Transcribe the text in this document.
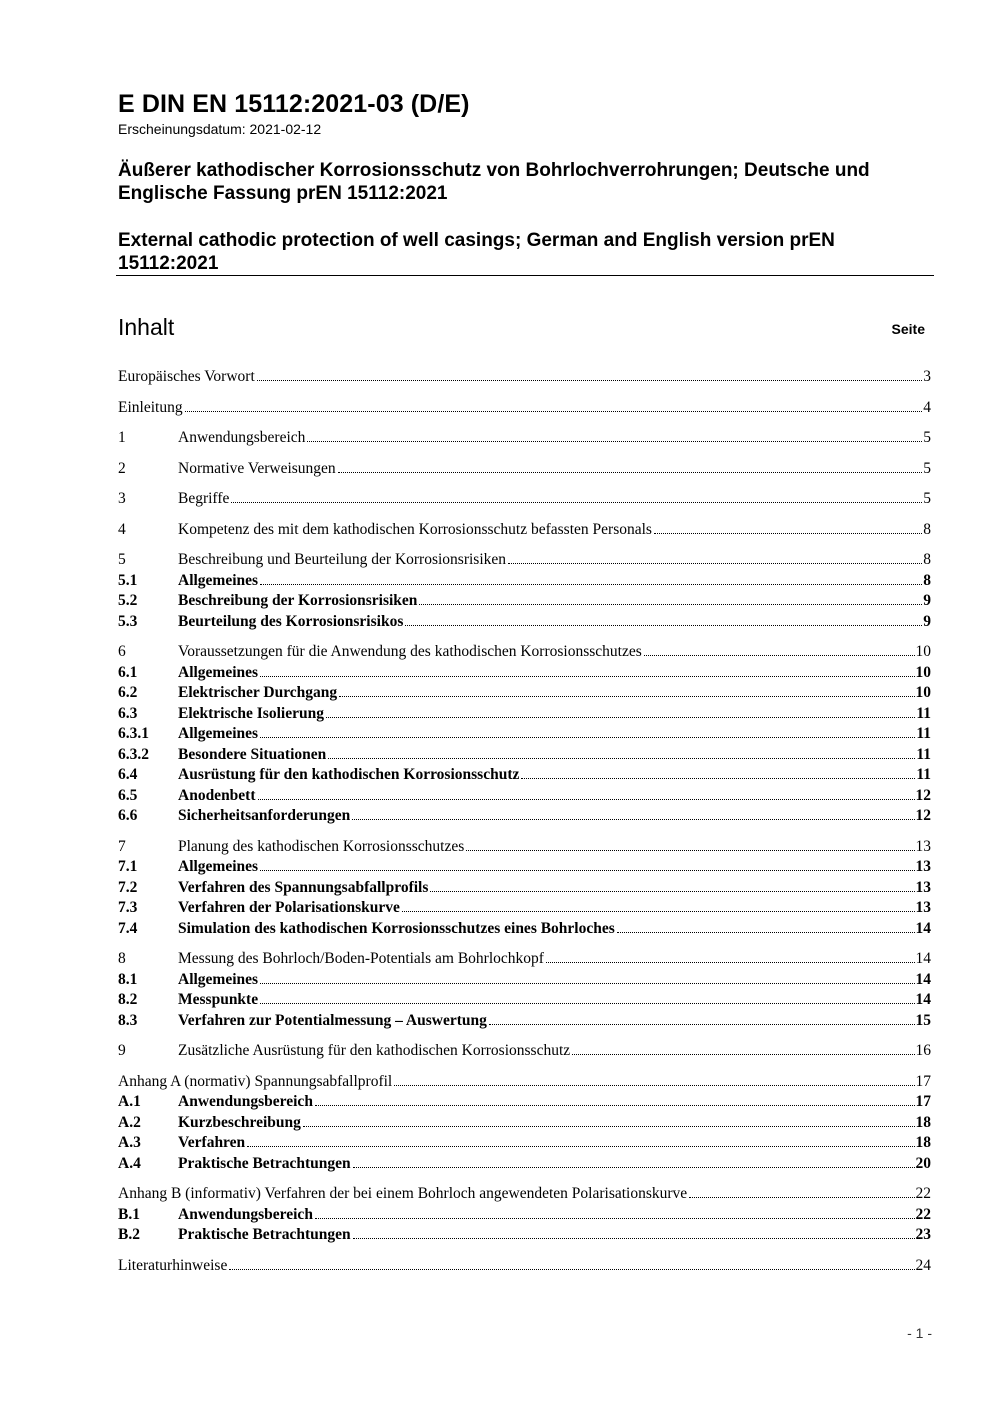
E DIN EN 15112:2021-03 (D/E)
Erscheinungsdatum: 2021-02-12
Äußerer kathodischer Korrosionsschutz von Bohrlochverrohrungen; Deutsche und Englische Fassung prEN 15112:2021
External cathodic protection of well casings; German and English version prEN 15112:2021
Inhalt	Seite
Europäisches Vorwort	3
Einleitung	4
1	Anwendungsbereich	5
2	Normative Verweisungen	5
3	Begriffe	5
4	Kompetenz des mit dem kathodischen Korrosionsschutz befassten Personals	8
5	Beschreibung und Beurteilung der Korrosionsrisiken	8
5.1	Allgemeines	8
5.2	Beschreibung der Korrosionsrisiken	9
5.3	Beurteilung des Korrosionsrisikos	9
6	Voraussetzungen für die Anwendung des kathodischen Korrosionsschutzes	10
6.1	Allgemeines	10
6.2	Elektrischer Durchgang	10
6.3	Elektrische Isolierung	11
6.3.1	Allgemeines	11
6.3.2	Besondere Situationen	11
6.4	Ausrüstung für den kathodischen Korrosionsschutz	11
6.5	Anodenbett	12
6.6	Sicherheitsanforderungen	12
7	Planung des kathodischen Korrosionsschutzes	13
7.1	Allgemeines	13
7.2	Verfahren des Spannungsabfallprofils	13
7.3	Verfahren der Polarisationskurve	13
7.4	Simulation des kathodischen Korrosionsschutzes eines Bohrloches	14
8	Messung des Bohrloch/Boden-Potentials am Bohrlochkopf	14
8.1	Allgemeines	14
8.2	Messpunkte	14
8.3	Verfahren zur Potentialmessung – Auswertung	15
9	Zusätzliche Ausrüstung für den kathodischen Korrosionsschutz	16
Anhang A (normativ) Spannungsabfallprofil	17
A.1	Anwendungsbereich	17
A.2	Kurzbeschreibung	18
A.3	Verfahren	18
A.4	Praktische Betrachtungen	20
Anhang B (informativ) Verfahren der bei einem Bohrloch angewendeten Polarisationskurve	22
B.1	Anwendungsbereich	22
B.2	Praktische Betrachtungen	23
Literaturhinweise	24
- 1 -
